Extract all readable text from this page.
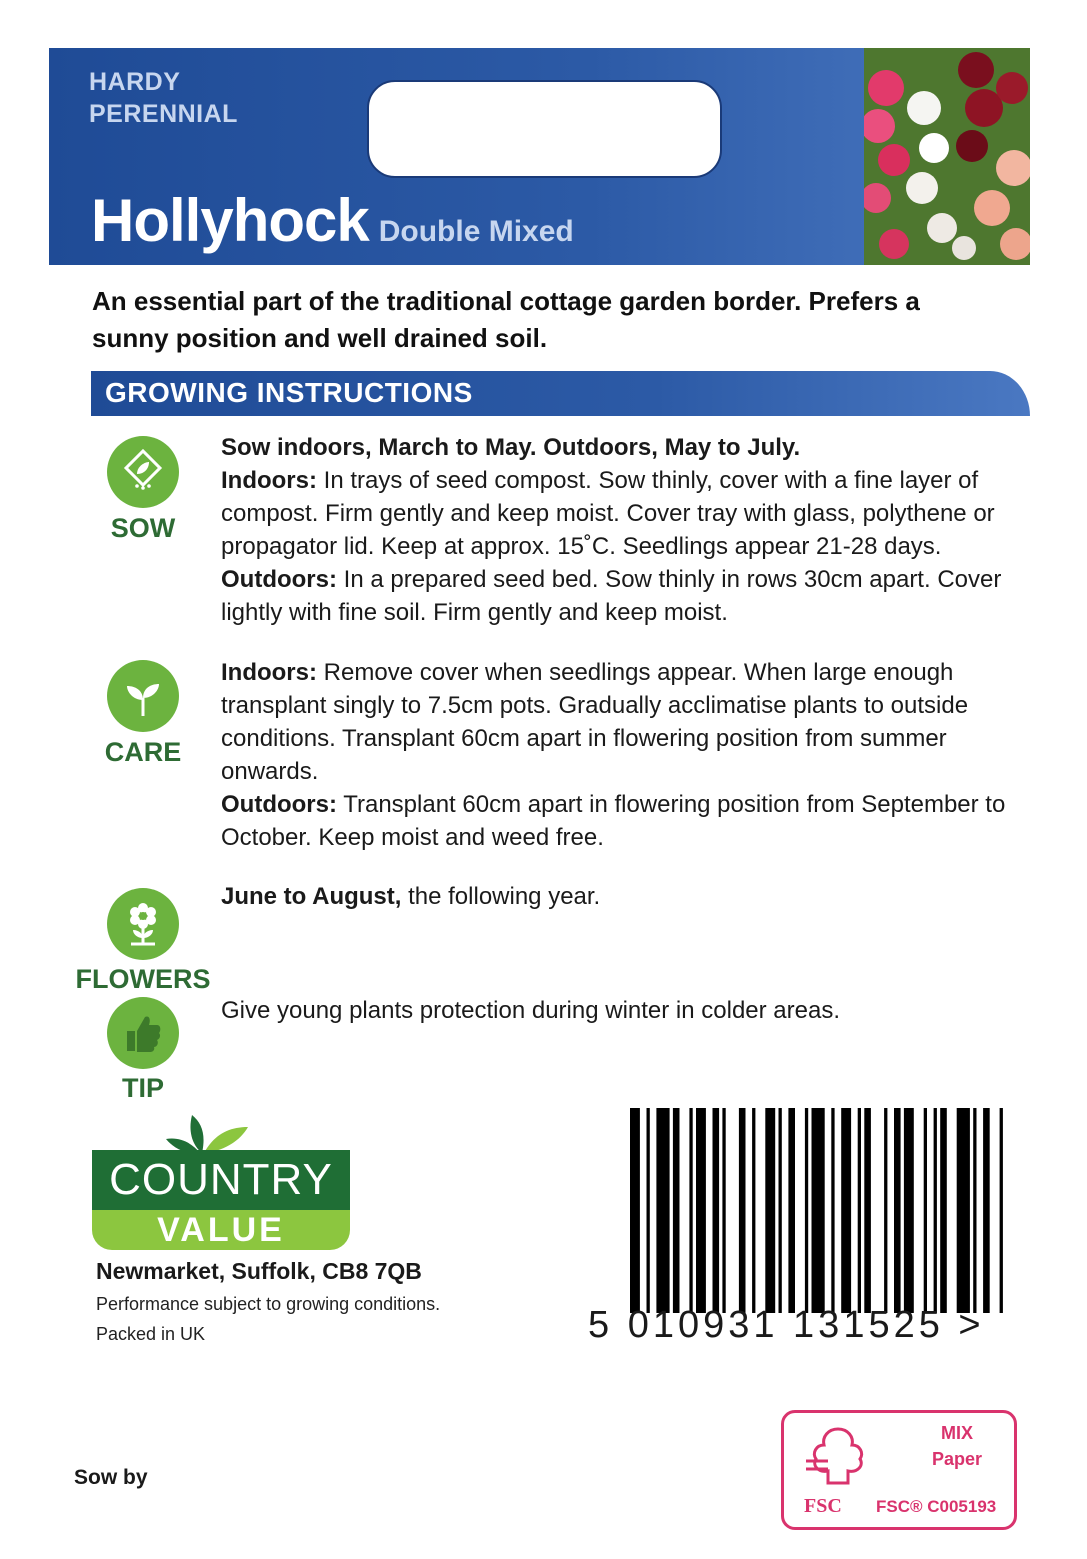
HARDY
PERENNIAL
Hollyhock Double Mixed
An essential part of the traditional cottage garden border. Prefers a sunny position and well drained soil.
GROWING INSTRUCTIONS
SOW
Sow indoors, March to May. Outdoors, May to July.
Indoors: In trays of seed compost. Sow thinly, cover with a fine layer of compost. Firm gently and keep moist. Cover tray with glass, polythene or propagator lid. Keep at approx. 15˚C. Seedlings appear 21-28 days.
Outdoors: In a prepared seed bed. Sow thinly in rows 30cm apart. Cover lightly with fine soil. Firm gently and keep moist.
CARE
Indoors: Remove cover when seedlings appear. When large enough transplant singly to 7.5cm pots. Gradually acclimatise plants to outside conditions. Transplant 60cm apart in flowering position from summer onwards.
Outdoors: Transplant 60cm apart in flowering position from September to October. Keep moist and weed free.
FLOWERS
June to August, the following year.
TIP
Give young plants protection during winter in colder areas.
COUNTRY
VALUE
Newmarket, Suffolk, CB8 7QB
Performance subject to growing conditions.
Packed in UK	5 010931 131525 >
Sow by
MIX
Paper
FSC FSC® C005193
